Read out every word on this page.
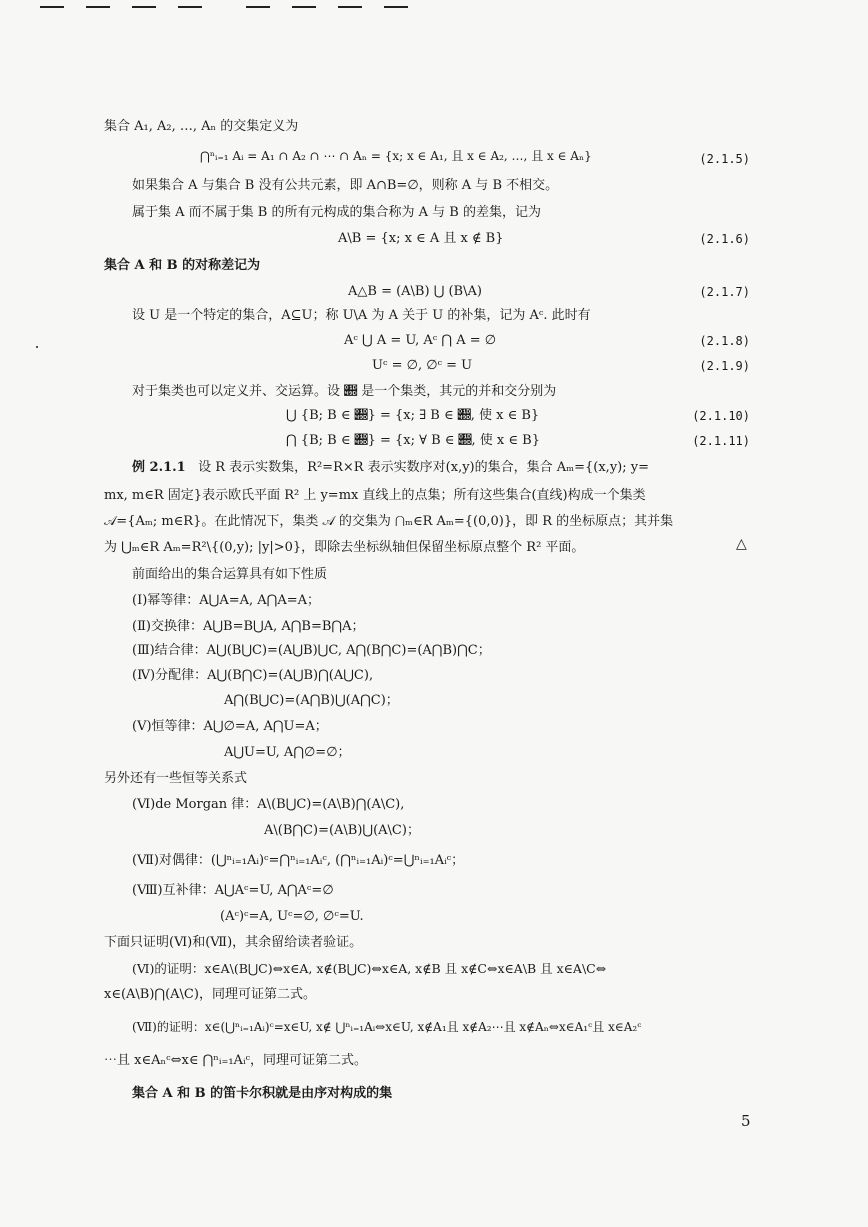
集合 A₁, A₂, …, Aₙ 的交集定义为
⋂ⁿᵢ₌₁ Aᵢ = A₁ ∩ A₂ ∩ ⋯ ∩ Aₙ = {x; x ∈ A₁, 且 x ∈ A₂, …, 且 x ∈ Aₙ}	(2.1.5)
如果集合 A 与集合 B 没有公共元素，即 A∩B=∅，则称 A 与 B 不相交。
属于集 A 而不属于集 B 的所有元构成的集合称为 A 与 B 的差集，记为
A\B = {x; x ∈ A 且 x ∉ B}	(2.1.6)
集合 A 和 B 的对称差记为
A△B = (A\B) ⋃ (B\A)	(2.1.7)
设 U 是一个特定的集合，A⊆U；称 U\A 为 A 关于 U 的补集，记为 Aᶜ. 此时有
Aᶜ ⋃ A = U, Aᶜ ⋂ A = ∅	(2.1.8)
Uᶜ = ∅, ∅ᶜ = U	(2.1.9)
对于集类也可以定义并、交运算。设 𝒝 是一个集类，其元的并和交分别为
⋃ {B; B ∈ 𝒝} = {x; ∃ B ∈ 𝒝, 使 x ∈ B}	(2.1.10)
⋂ {B; B ∈ 𝒝} = {x; ∀ B ∈ 𝒝, 使 x ∈ B}	(2.1.11)
例 2.1.1 设 R 表示实数集，R²=R×R 表示实数序对(x,y)的集合，集合 Aₘ={(x,y); y=
mx, m∈R 固定}表示欧氏平面 R² 上 y=mx 直线上的点集；所有这些集合(直线)构成一个集类
𝒜={Aₘ; m∈R}。在此情况下，集类 𝒜 的交集为 ⋂ₘ∈R Aₘ={(0,0)}，即 R 的坐标原点；其并集
为 ⋃ₘ∈R Aₘ=R²\{(0,y); |y|>0}，即除去坐标纵轴但保留坐标原点整个 R² 平面。	△
前面给出的集合运算具有如下性质
(Ⅰ)幂等律：A⋃A=A, A⋂A=A；
(Ⅱ)交换律：A⋃B=B⋃A, A⋂B=B⋂A；
(Ⅲ)结合律：A⋃(B⋃C)=(A⋃B)⋃C, A⋂(B⋂C)=(A⋂B)⋂C；
(Ⅳ)分配律：A⋃(B⋂C)=(A⋃B)⋂(A⋃C),
A⋂(B⋃C)=(A⋂B)⋃(A⋂C)；
(Ⅴ)恒等律：A⋃∅=A, A⋂U=A；
A⋃U=U, A⋂∅=∅；
另外还有一些恒等关系式
(Ⅵ)de Morgan 律：A\(B⋃C)=(A\B)⋂(A\C),
A\(B⋂C)=(A\B)⋃(A\C)；
(Ⅶ)对偶律：(⋃ⁿᵢ₌₁Aᵢ)ᶜ=⋂ⁿᵢ₌₁Aᵢᶜ, (⋂ⁿᵢ₌₁Aᵢ)ᶜ=⋃ⁿᵢ₌₁Aᵢᶜ；
(Ⅷ)互补律：A⋃Aᶜ=U, A⋂Aᶜ=∅
(Aᶜ)ᶜ=A, Uᶜ=∅, ∅ᶜ=U.
下面只证明(Ⅵ)和(Ⅶ)，其余留给读者验证。
(Ⅵ)的证明：x∈A\(B⋃C)⇔x∈A, x∉(B⋃C)⇔x∈A, x∉B 且 x∉C⇔x∈A\B 且 x∈A\C⇔
x∈(A\B)⋂(A\C)，同理可证第二式。
(Ⅶ)的证明：x∈(⋃ⁿᵢ₌₁Aᵢ)ᶜ=x∈U, x∉ ⋃ⁿᵢ₌₁Aᵢ⇔x∈U, x∉A₁且 x∉A₂⋯且 x∉Aₙ⇔x∈A₁ᶜ且 x∈A₂ᶜ
⋯且 x∈Aₙᶜ⇔x∈ ⋂ⁿᵢ₌₁Aᵢᶜ，同理可证第二式。
集合 A 和 B 的笛卡尔积就是由序对构成的集
5
